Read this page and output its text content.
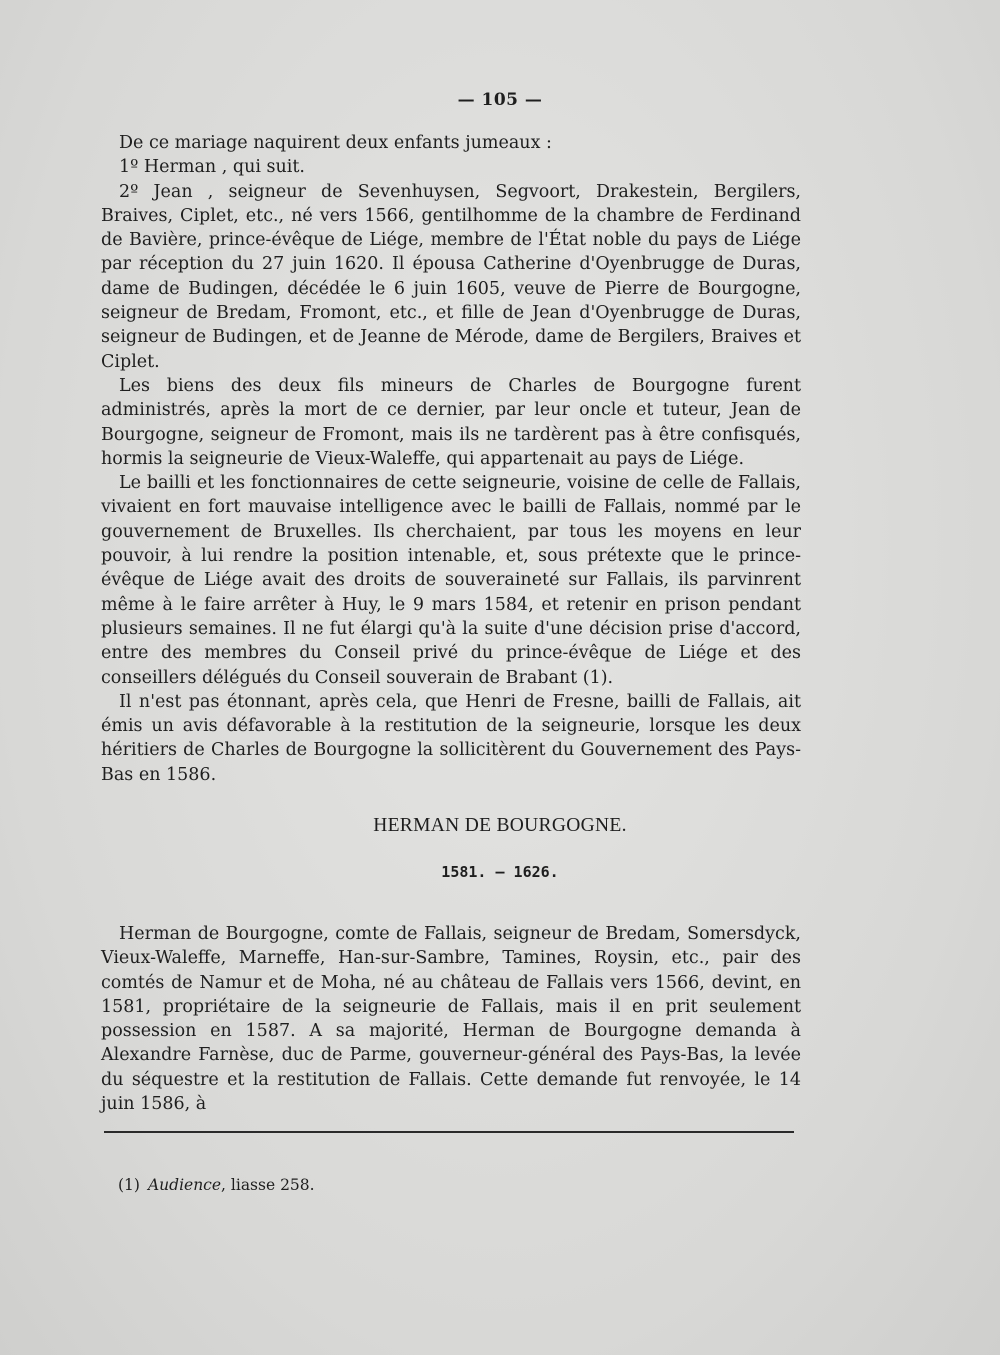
— 105 —

De ce mariage naquirent deux enfants jumeaux :

1º Herman , qui suit.

2º Jean , seigneur de Sevenhuysen, Segvoort, Drakestein, Bergilers, Braives, Ciplet, etc., né vers 1566, gentilhomme de la chambre de Ferdinand de Bavière, prince-évêque de Liége, membre de l'État noble du pays de Liége par réception du 27 juin 1620. Il épousa Catherine d'Oyenbrugge de Duras, dame de Budingen, décédée le 6 juin 1605, veuve de Pierre de Bourgogne, seigneur de Bredam, Fromont, etc., et fille de Jean d'Oyenbrugge de Duras, seigneur de Budingen, et de Jeanne de Mérode, dame de Bergilers, Braives et Ciplet.

Les biens des deux fils mineurs de Charles de Bourgogne furent administrés, après la mort de ce dernier, par leur oncle et tuteur, Jean de Bourgogne, seigneur de Fromont, mais ils ne tardèrent pas à être confisqués, hormis la seigneurie de Vieux-Waleffe, qui appartenait au pays de Liége.

Le bailli et les fonctionnaires de cette seigneurie, voisine de celle de Fallais, vivaient en fort mauvaise intelligence avec le bailli de Fallais, nommé par le gouvernement de Bruxelles. Ils cherchaient, par tous les moyens en leur pouvoir, à lui rendre la position intenable, et, sous prétexte que le prince-évêque de Liége avait des droits de souveraineté sur Fallais, ils parvinrent même à le faire arrêter à Huy, le 9 mars 1584, et retenir en prison pendant plusieurs semaines. Il ne fut élargi qu'à la suite d'une décision prise d'accord, entre des membres du Conseil privé du prince-évêque de Liége et des conseillers délégués du Conseil souverain de Brabant (1).

Il n'est pas étonnant, après cela, que Henri de Fresne, bailli de Fallais, ait émis un avis défavorable à la restitution de la seigneurie, lorsque les deux héritiers de Charles de Bourgogne la sollicitèrent du Gouvernement des Pays-Bas en 1586.

HERMAN DE BOURGOGNE.
1581. — 1626.

Herman de Bourgogne, comte de Fallais, seigneur de Bredam, Somersdyck, Vieux-Waleffe, Marneffe, Han-sur-Sambre, Tamines, Roysin, etc., pair des comtés de Namur et de Moha, né au château de Fallais vers 1566, devint, en 1581, propriétaire de la seigneurie de Fallais, mais il en prit seulement possession en 1587. A sa majorité, Herman de Bourgogne demanda à Alexandre Farnèse, duc de Parme, gouverneur-général des Pays-Bas, la levée du séquestre et la restitution de Fallais. Cette demande fut renvoyée, le 14 juin 1586, à

(1) Audience, liasse 258.
